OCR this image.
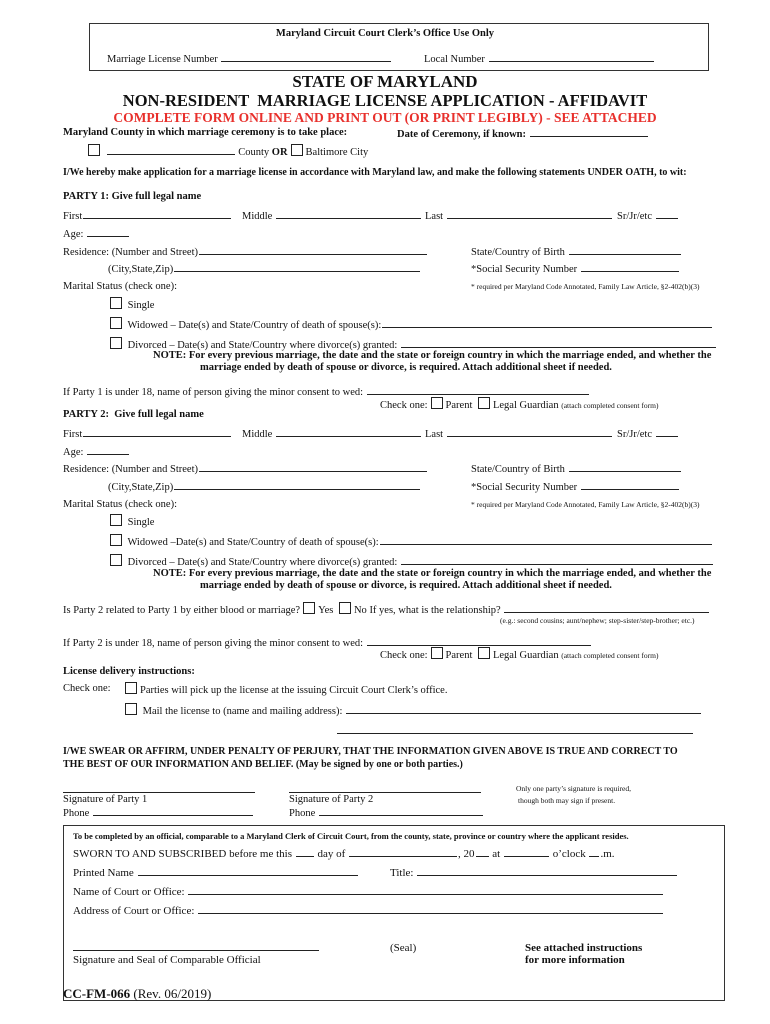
Maryland Circuit Court Clerk’s Office Use Only
Marriage License Number	Local Number
STATE OF MARYLAND
NON-RESIDENT  MARRIAGE LICENSE APPLICATION - AFFIDAVIT
COMPLETE FORM ONLINE AND PRINT OUT (OR PRINT LEGIBLY) - SEE ATTACHED
Maryland County in which marriage ceremony is to take place:	Date of Ceremony, if known:
County OR Baltimore City
I/We hereby make application for a marriage license in accordance with Maryland law, and make the following statements UNDER OATH, to wit:
PARTY 1: Give full legal name
First	Middle	Last	Sr/Jr/etc
Age:
Residence: (Number and Street)	State/Country of Birth
(City,State,Zip)	*Social Security Number
Marital Status (check one):	* required per Maryland Code Annotated, Family Law Article, §2-402(b)(3)
Single
Widowed – Date(s) and State/Country of death of spouse(s):
Divorced – Date(s) and State/Country where divorce(s) granted:
NOTE: For every previous marriage, the date and the state or foreign country in which the marriage ended, and whether the
marriage ended by death of spouse or divorce, is required. Attach additional sheet if needed.
If Party 1 is under 18, name of person giving the minor consent to wed:
Check one: Parent Legal Guardian (attach completed consent form)
PARTY 2:  Give full legal name
First	Middle	Last	Sr/Jr/etc
Age:
Residence: (Number and Street)	State/Country of Birth
(City,State,Zip)	*Social Security Number
Marital Status (check one):	* required per Maryland Code Annotated, Family Law Article, §2-402(b)(3)
Single
Widowed –Date(s) and State/Country of death of spouse(s):
Divorced – Date(s) and State/Country where divorce(s) granted:
NOTE: For every previous marriage, the date and the state or foreign country in which the marriage ended, and whether the
marriage ended by death of spouse or divorce, is required. Attach additional sheet if needed.
Is Party 2 related to Party 1 by either blood or marriage? Yes No If yes, what is the relationship?
(e.g.: second cousins; aunt/nephew; step-sister/step-brother; etc.)
If Party 2 is under 18, name of person giving the minor consent to wed:
Check one: Parent Legal Guardian (attach completed consent form)
License delivery instructions:
Check one:	Parties will pick up the license at the issuing Circuit Court Clerk’s office.
Mail the license to (name and mailing address):
I/WE SWEAR OR AFFIRM, UNDER PENALTY OF PERJURY, THAT THE INFORMATION GIVEN ABOVE IS TRUE AND CORRECT TO
THE BEST OF OUR INFORMATION AND BELIEF. (May be signed by one or both parties.)
Signature of Party 1	Signature of Party 2
Phone	Phone
Only one party’s signature is required,
though both may sign if present.
To be completed by an official, comparable to a Maryland Clerk of Circuit Court, from the county, state, province or country where the applicant resides.
SWORN TO AND SUBSCRIBED before me this day of	, 20 at	o’clock .m.
Printed Name	Title:
Name of Court or Office:
Address of Court or Office:
Signature and Seal of Comparable Official
(Seal)	See attached instructions
for more information
CC-FM-066 (Rev. 06/2019)
